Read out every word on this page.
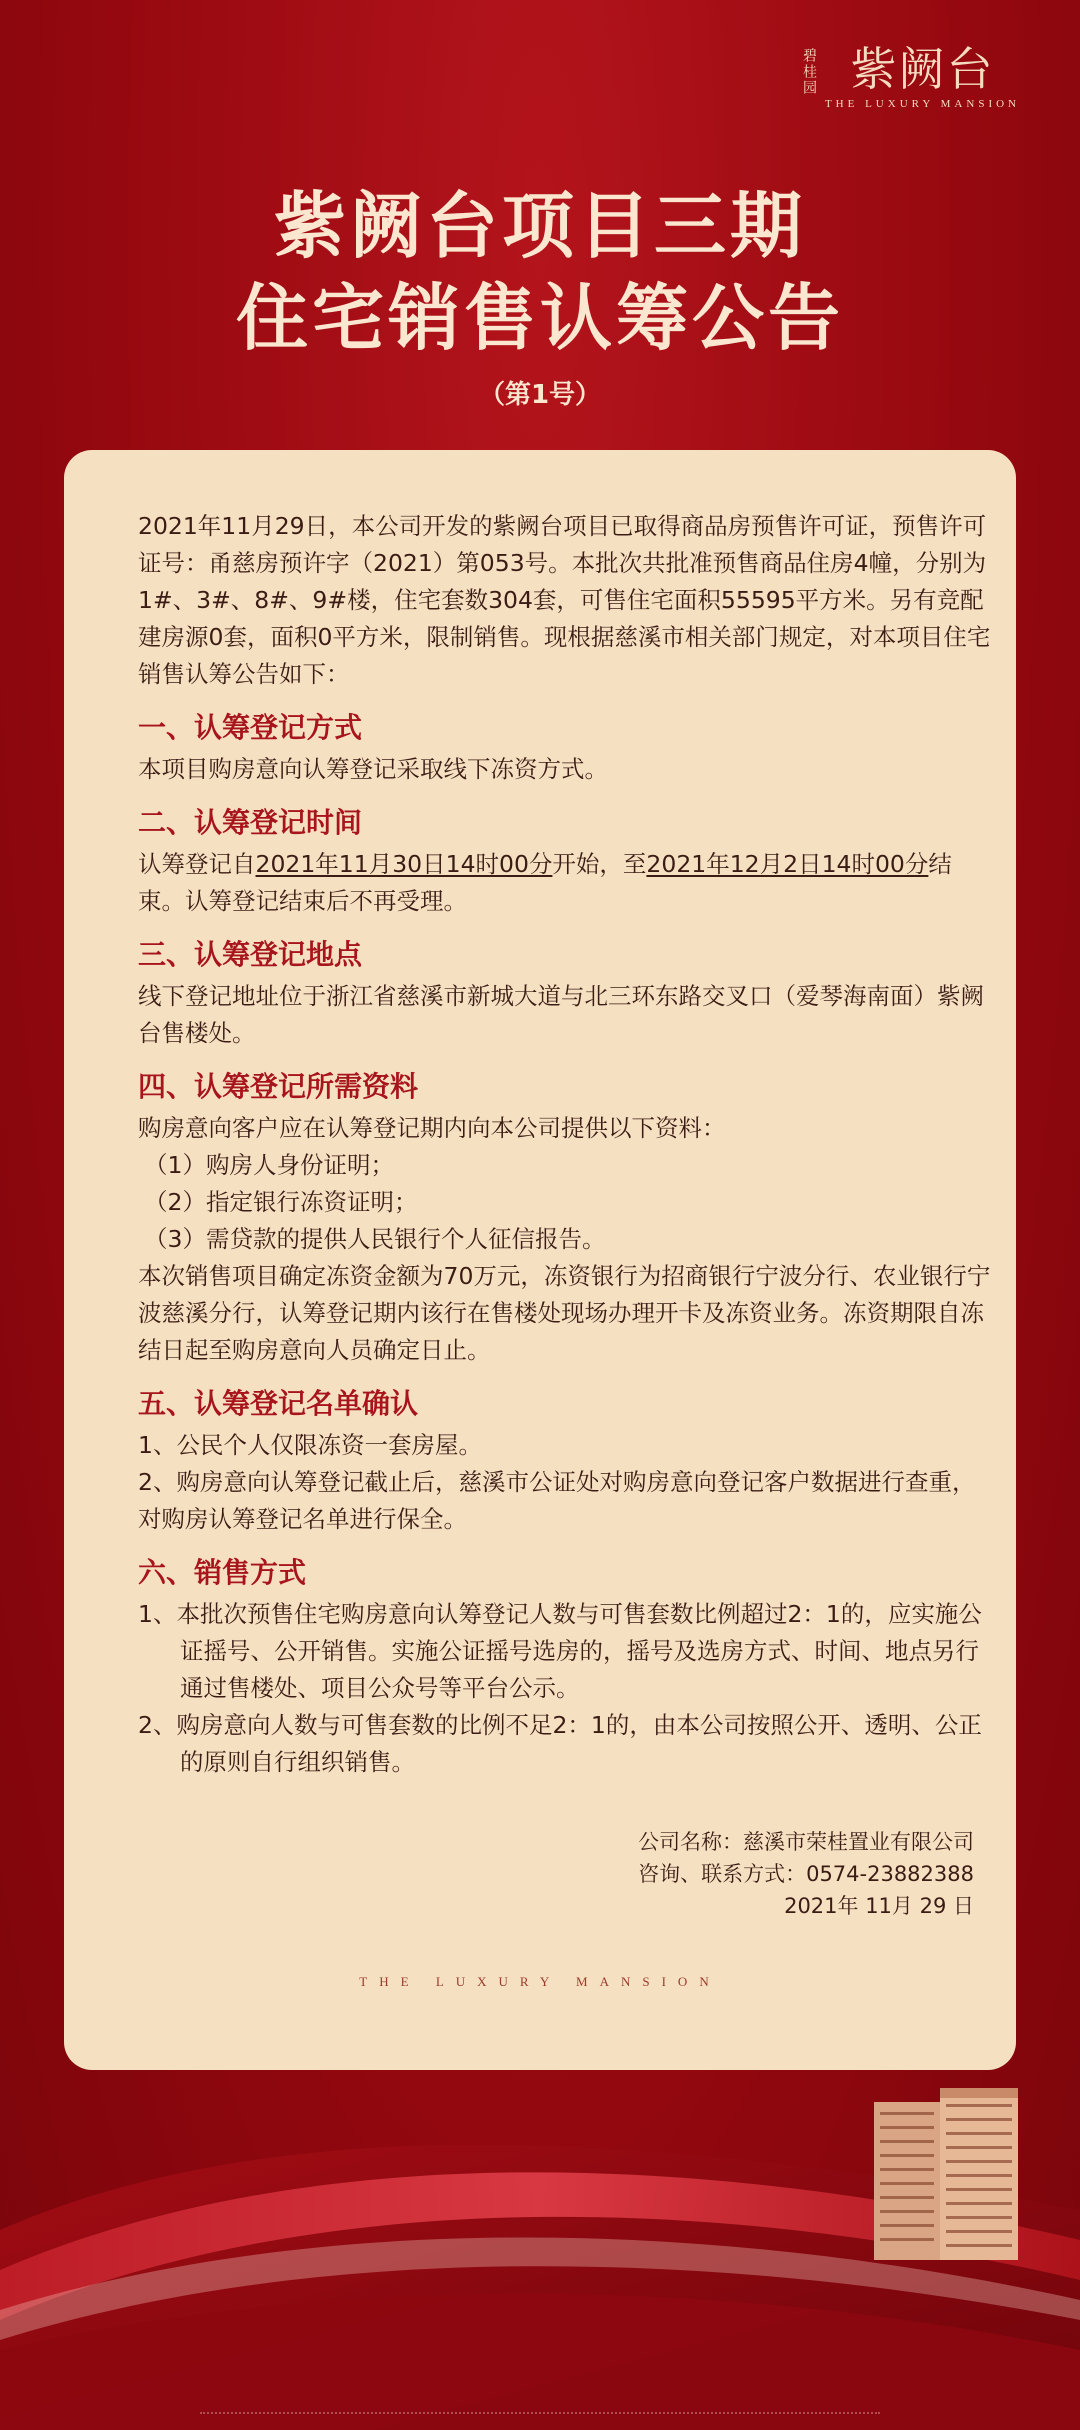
碧桂园 紫阙台
THE LUXURY MANSION
紫阙台项目三期
住宅销售认筹公告
（第1号）

2021年11月29日，本公司开发的紫阙台项目已取得商品房预售许可证，预售许可证号：甬慈房预许字（2021）第053号。本批次共批准预售商品住房4幢，分别为1#、3#、8#、9#楼，住宅套数304套，可售住宅面积55595平方米。另有竞配建房源0套，面积0平方米，限制销售。现根据慈溪市相关部门规定，对本项目住宅销售认筹公告如下：

一、认筹登记方式

本项目购房意向认筹登记采取线下冻资方式。

二、认筹登记时间

认筹登记自2021年11月30日14时00分开始，至2021年12月2日14时00分结束。认筹登记结束后不再受理。

三、认筹登记地点

线下登记地址位于浙江省慈溪市新城大道与北三环东路交叉口（爱琴海南面）紫阙台售楼处。

四、认筹登记所需资料

购房意向客户应在认筹登记期内向本公司提供以下资料：

（1）购房人身份证明；

（2）指定银行冻资证明；

（3）需贷款的提供人民银行个人征信报告。

本次销售项目确定冻资金额为70万元，冻资银行为招商银行宁波分行、农业银行宁波慈溪分行，认筹登记期内该行在售楼处现场办理开卡及冻资业务。冻资期限自冻结日起至购房意向人员确定日止。

五、认筹登记名单确认

1、公民个人仅限冻资一套房屋。

2、购房意向认筹登记截止后，慈溪市公证处对购房意向登记客户数据进行查重，对购房认筹登记名单进行保全。

六、销售方式

1、本批次预售住宅购房意向认筹登记人数与可售套数比例超过2：1的，应实施公证摇号、公开销售。实施公证摇号选房的，摇号及选房方式、时间、地点另行通过售楼处、项目公众号等平台公示。

2、购房意向人数与可售套数的比例不足2：1的，由本公司按照公开、透明、公正的原则自行组织销售。

公司名称：慈溪市荣桂置业有限公司
咨询、联系方式：0574-23882388
2021年 11月 29 日
THE LUXURY MANSION
